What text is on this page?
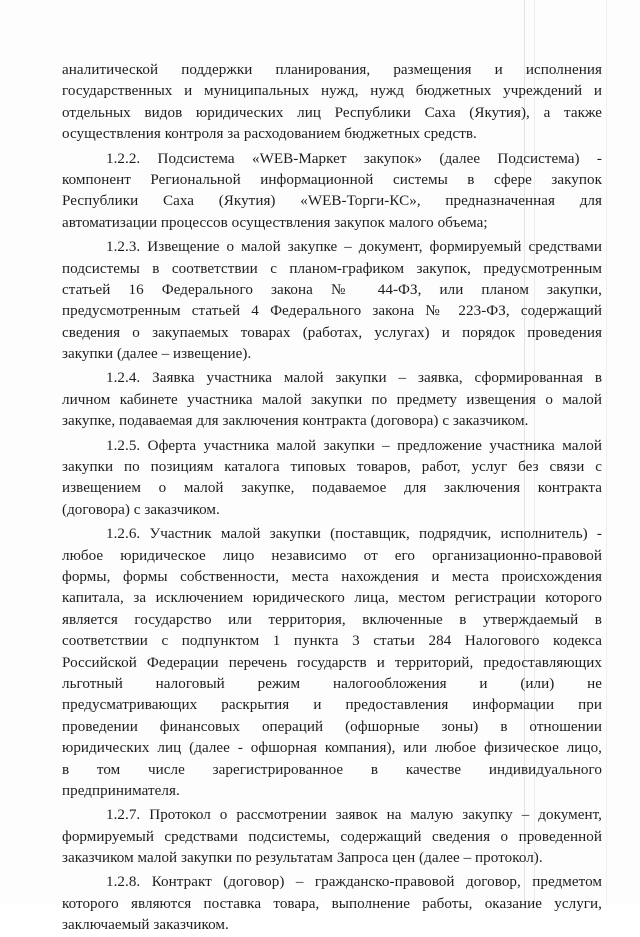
аналитической поддержки планирования, размещения и исполнения
государственных и муниципальных нужд, нужд бюджетных учреждений и
отдельных видов юридических лиц Республики Саха (Якутия), а также
осуществления контроля за расходованием бюджетных средств.
1.2.2. Подсистема «WEB-Маркет закупок» (далее Подсистема) -
компонент Региональной информационной системы в сфере закупок
Республики Саха (Якутия) «WEB-Торги-КС», предназначенная для
автоматизации процессов осуществления закупок малого объема;
1.2.3. Извещение о малой закупке – документ, формируемый средствами
подсистемы в соответствии с планом-графиком закупок, предусмотренным
статьей 16 Федерального закона № 44-ФЗ, или планом закупки,
предусмотренным статьей 4 Федерального закона № 223-ФЗ, содержащий
сведения о закупаемых товарах (работах, услугах) и порядок проведения
закупки (далее – извещение).
1.2.4. Заявка участника малой закупки – заявка, сформированная в
личном кабинете участника малой закупки по предмету извещения о малой
закупке, подаваемая для заключения контракта (договора) с заказчиком.
1.2.5. Оферта участника малой закупки – предложение участника малой
закупки по позициям каталога типовых товаров, работ, услуг без связи с
извещением о малой закупке, подаваемое для заключения контракта
(договора) с заказчиком.
1.2.6. Участник малой закупки (поставщик, подрядчик, исполнитель) -
любое юридическое лицо независимо от его организационно-правовой
формы, формы собственности, места нахождения и места происхождения
капитала, за исключением юридического лица, местом регистрации которого
является государство или территория, включенные в утверждаемый в
соответствии с подпунктом 1 пункта 3 статьи 284 Налогового кодекса
Российской Федерации перечень государств и территорий, предоставляющих
льготный налоговый режим налогообложения и (или) не
предусматривающих раскрытия и предоставления информации при
проведении финансовых операций (офшорные зоны) в отношении
юридических лиц (далее - офшорная компания), или любое физическое лицо,
в том числе зарегистрированное в качестве индивидуального
предпринимателя.
1.2.7. Протокол о рассмотрении заявок на малую закупку – документ,
формируемый средствами подсистемы, содержащий сведения о проведенной
заказчиком малой закупки по результатам Запроса цен (далее – протокол).
1.2.8. Контракт (договор) – гражданско-правовой договор, предметом
которого являются поставка товара, выполнение работы, оказание услуги,
заключаемый заказчиком.
